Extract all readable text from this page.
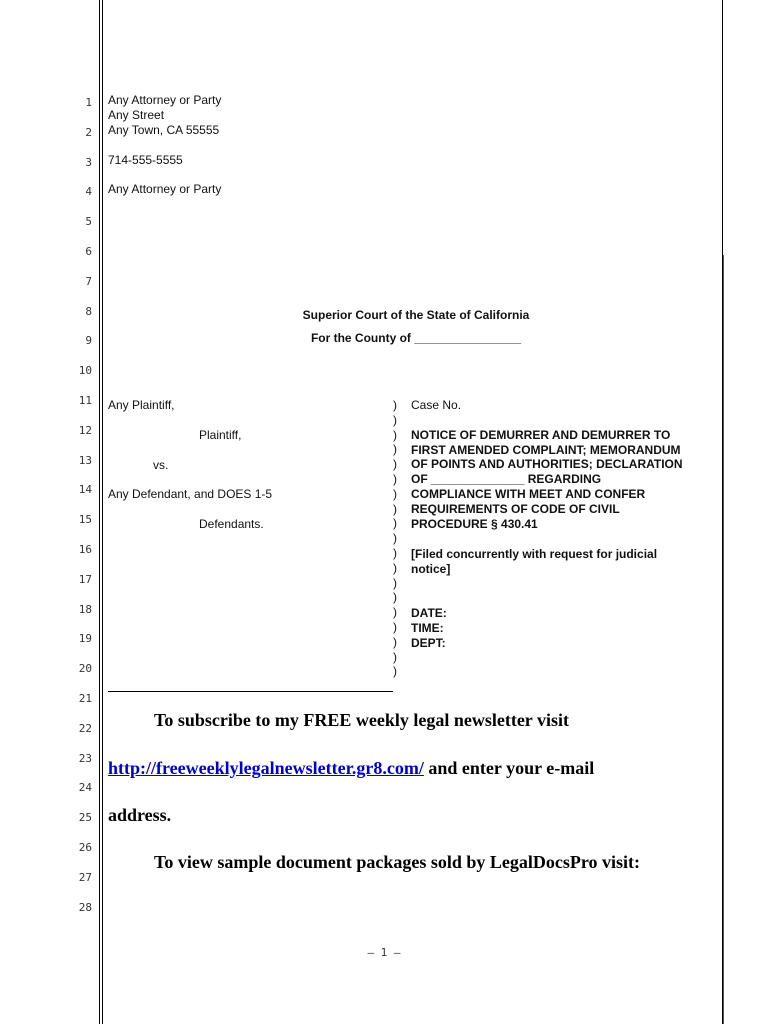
1
2
3
4
5
6
7
8
9
10
11
12
13
14
15
16
17
18
19
20
21
22
23
24
25
26
27
28
Any Attorney or Party
Any Street
Any Town, CA 55555
714-555-5555
Any Attorney or Party
Superior Court of the State of California
For the County of ________________
Any Plaintiff,
Plaintiff,
vs.
Any Defendant, and DOES 1-5
Defendants.
)
)
)
)
)
)
)
)
)
)
)
)
)
)
)
)
)
)
)
Case No.
NOTICE OF DEMURRER AND DEMURRER TO
FIRST AMENDED COMPLAINT; MEMORANDUM
OF POINTS AND AUTHORITIES; DECLARATION
OF ______________ REGARDING
COMPLIANCE WITH MEET AND CONFER
REQUIREMENTS OF CODE OF CIVIL
PROCEDURE § 430.41
[Filed concurrently with request for judicial
notice]
DATE:
TIME:
DEPT:
To subscribe to my FREE weekly legal newsletter visit
http://freeweeklylegalnewsletter.gr8.com/ and enter your e-mail
address.
To view sample document packages sold by LegalDocsPro visit:
– 1 –
